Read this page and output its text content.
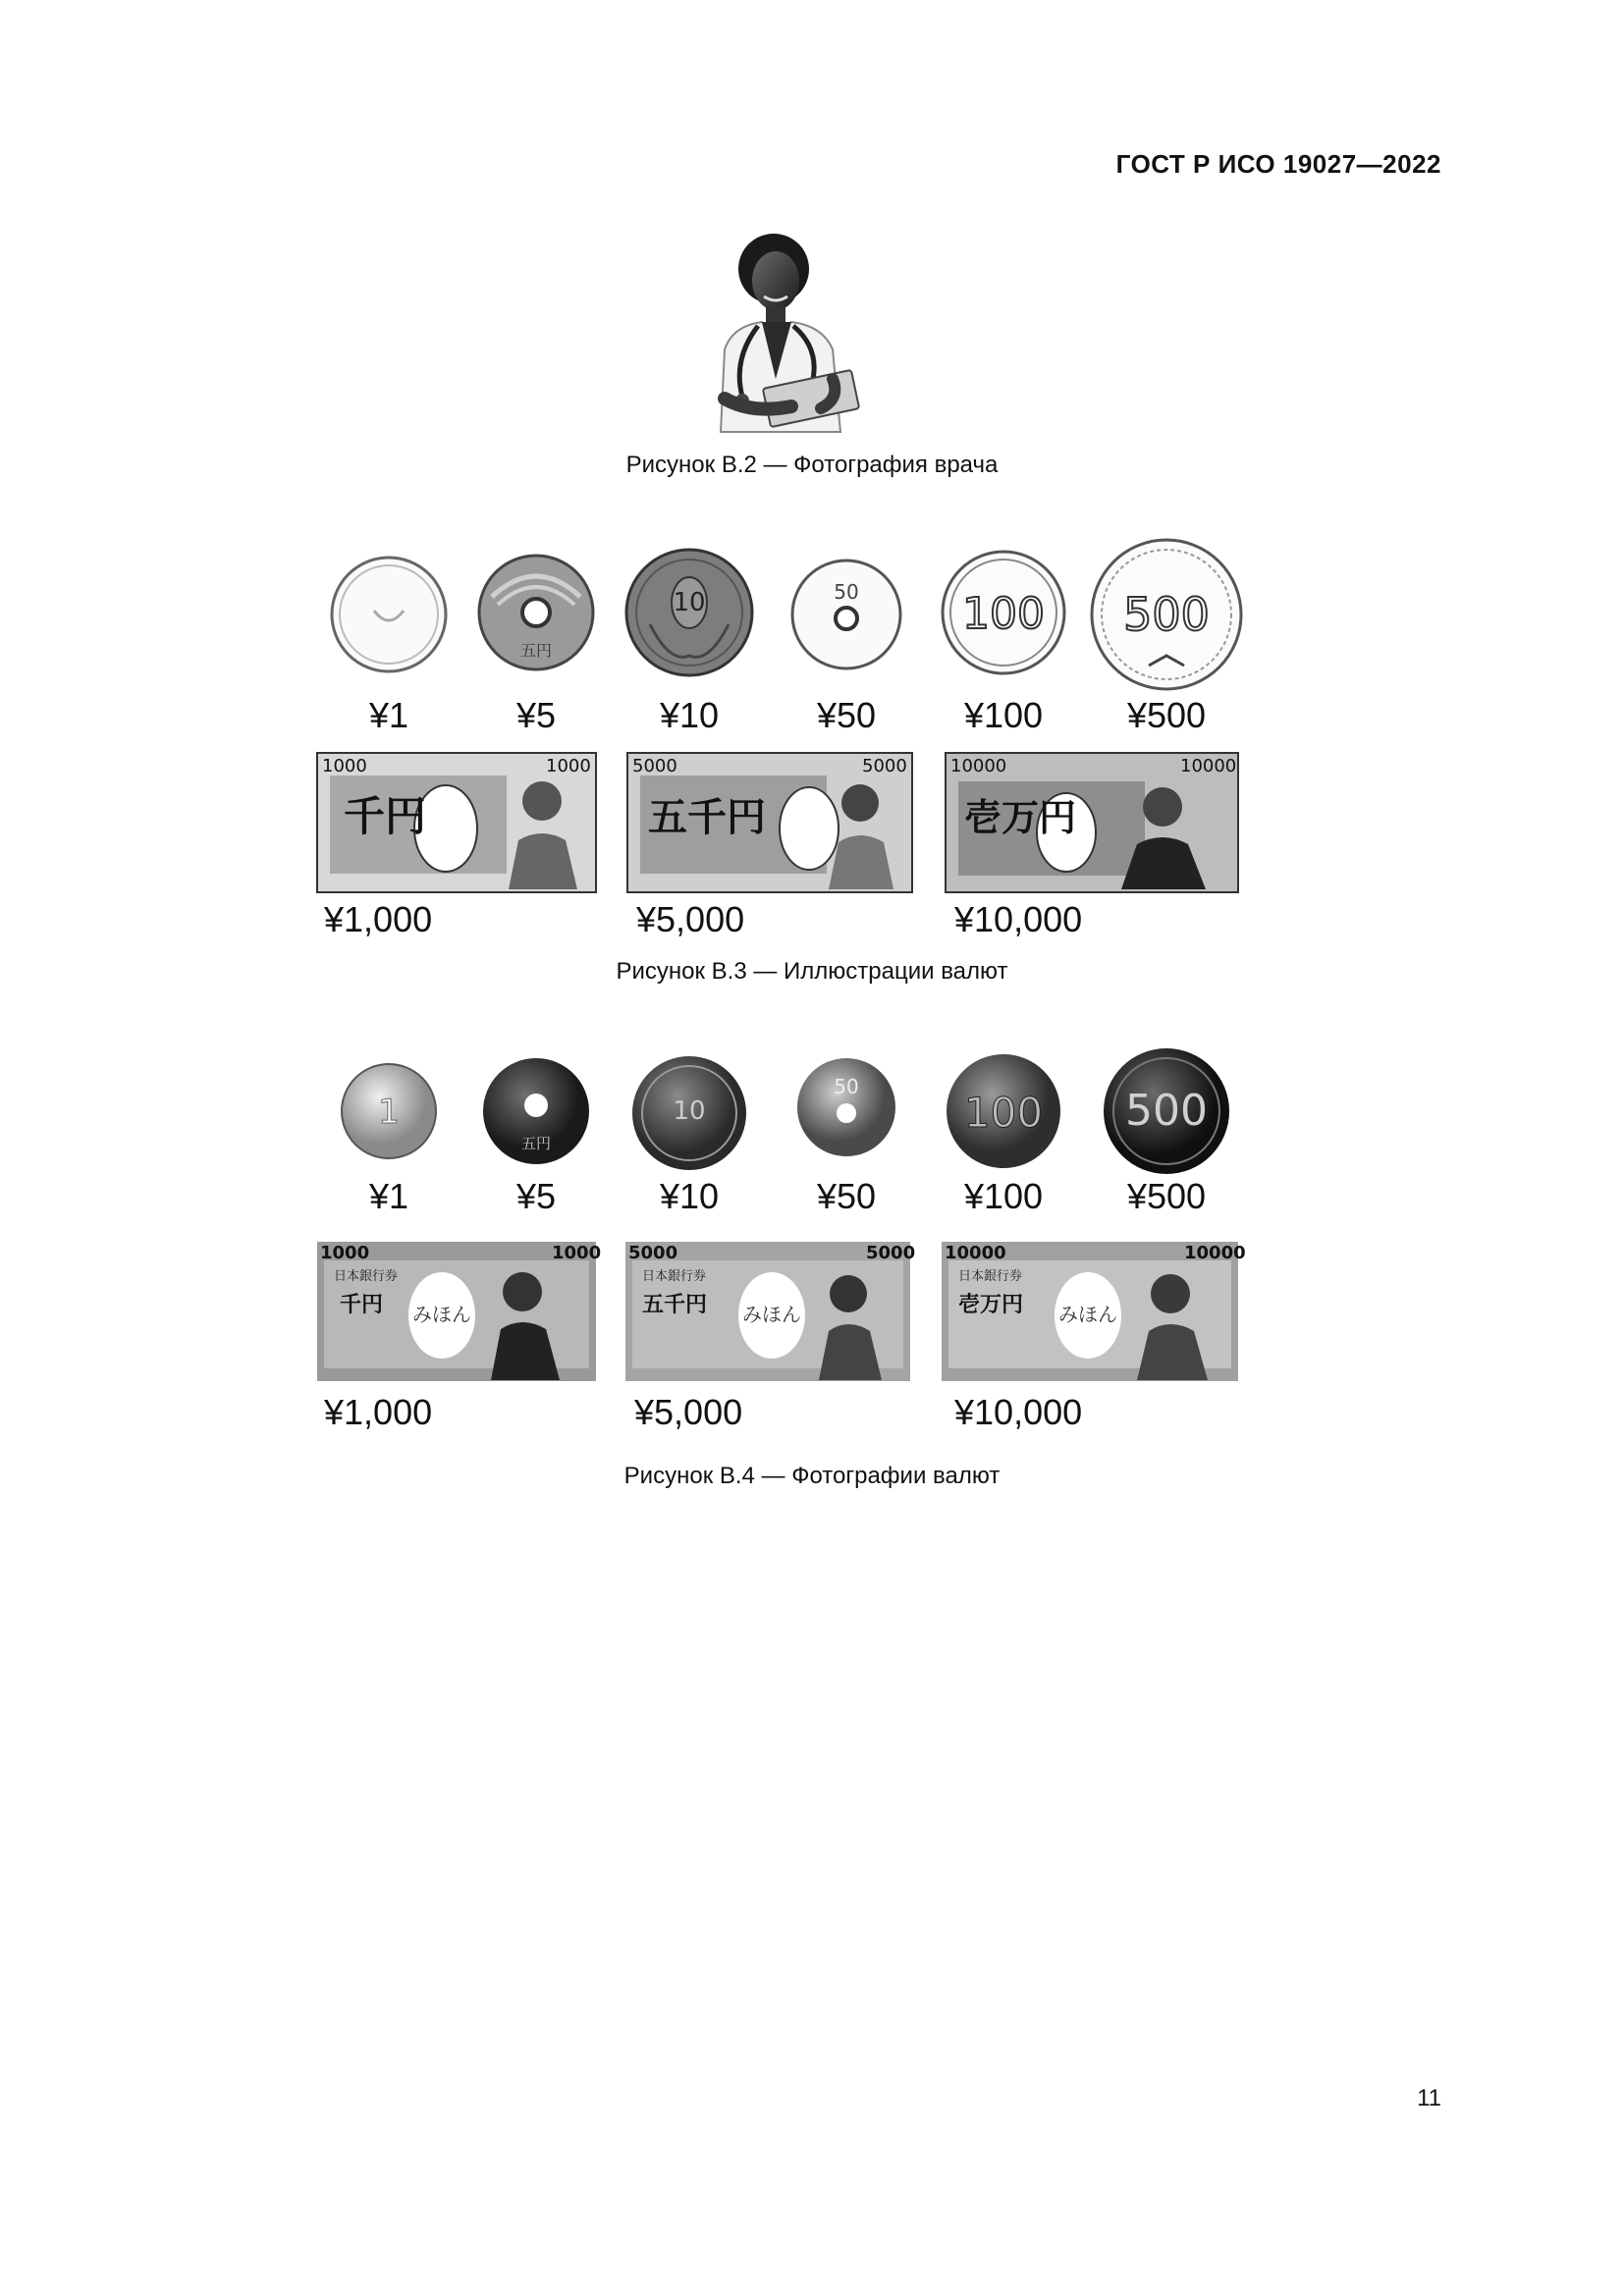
ГОСТ Р ИСО 19027—2022
Рисунок B.2 — Фотография врача
¥1
五円
¥5
10
¥10
50
¥50
100
¥100
500
¥500
1000	1000
千円
¥1,000
5000	5000
五千円
¥5,000
10000	10000
壱万円
¥10,000
Рисунок B.3 — Иллюстрации валют
1
¥1
五円
¥5
10
¥10
50
¥50
100
¥100
500
¥500
1000	1000
日本銀行券
千円 みほん
¥1,000
5000	5000
日本銀行券
五千円 みほん
¥5,000
10000	10000
日本銀行券
壱万円 みほん
¥10,000
Рисунок B.4 — Фотографии валют
11
